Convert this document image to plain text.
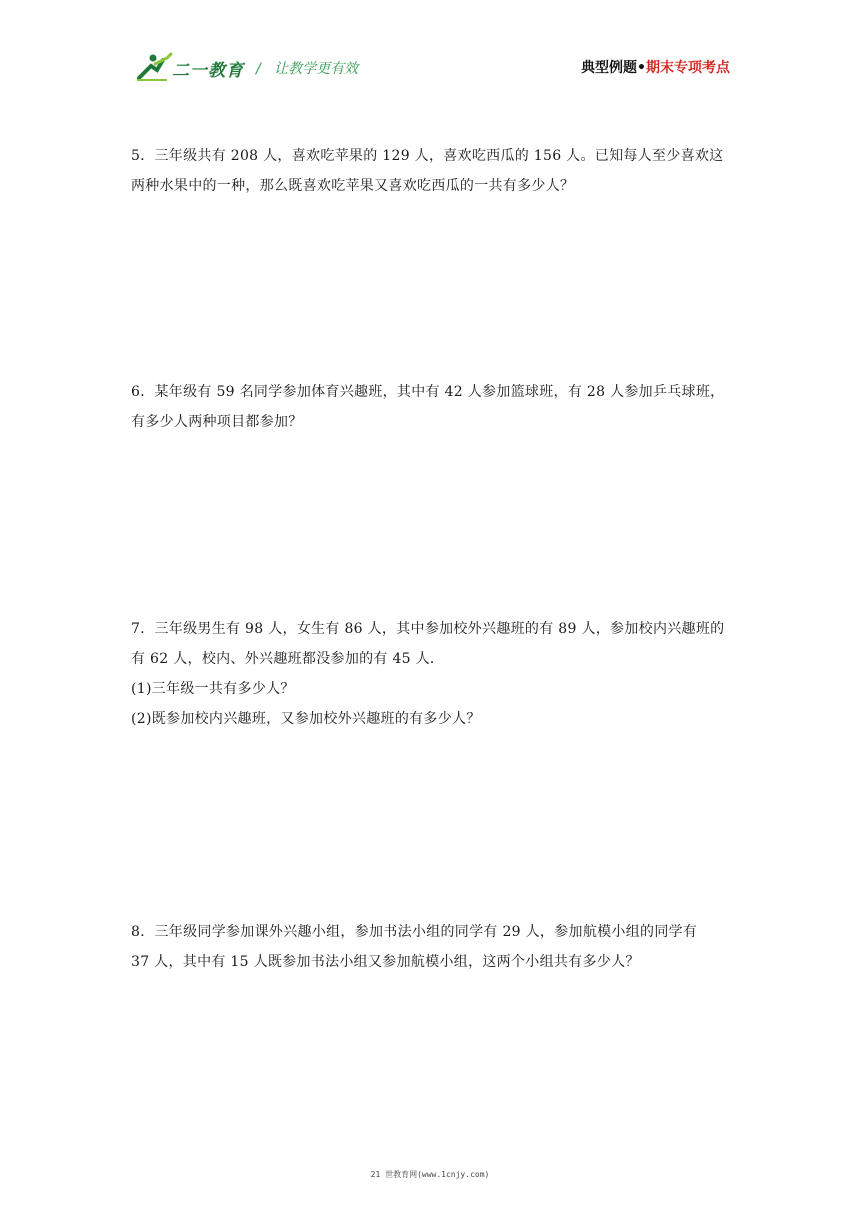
二一教育 / 让教学更有效	典型例题•期末专项考点

5．三年级共有 208 人，喜欢吃苹果的 129 人，喜欢吃西瓜的 156 人。已知每人至少喜欢这

两种水果中的一种，那么既喜欢吃苹果又喜欢吃西瓜的一共有多少人？

6．某年级有 59 名同学参加体育兴趣班，其中有 42 人参加篮球班，有 28 人参加乒乓球班，

有多少人两种项目都参加？

7．三年级男生有 98 人，女生有 86 人，其中参加校外兴趣班的有 89 人，参加校内兴趣班的

有 62 人，校内、外兴趣班都没参加的有 45 人．

(1)三年级一共有多少人？

(2)既参加校内兴趣班，又参加校外兴趣班的有多少人？

8．三年级同学参加课外兴趣小组，参加书法小组的同学有 29 人，参加航模小组的同学有

37 人，其中有 15 人既参加书法小组又参加航模小组，这两个小组共有多少人？

21 世教育网(www.1cnjy.com)
